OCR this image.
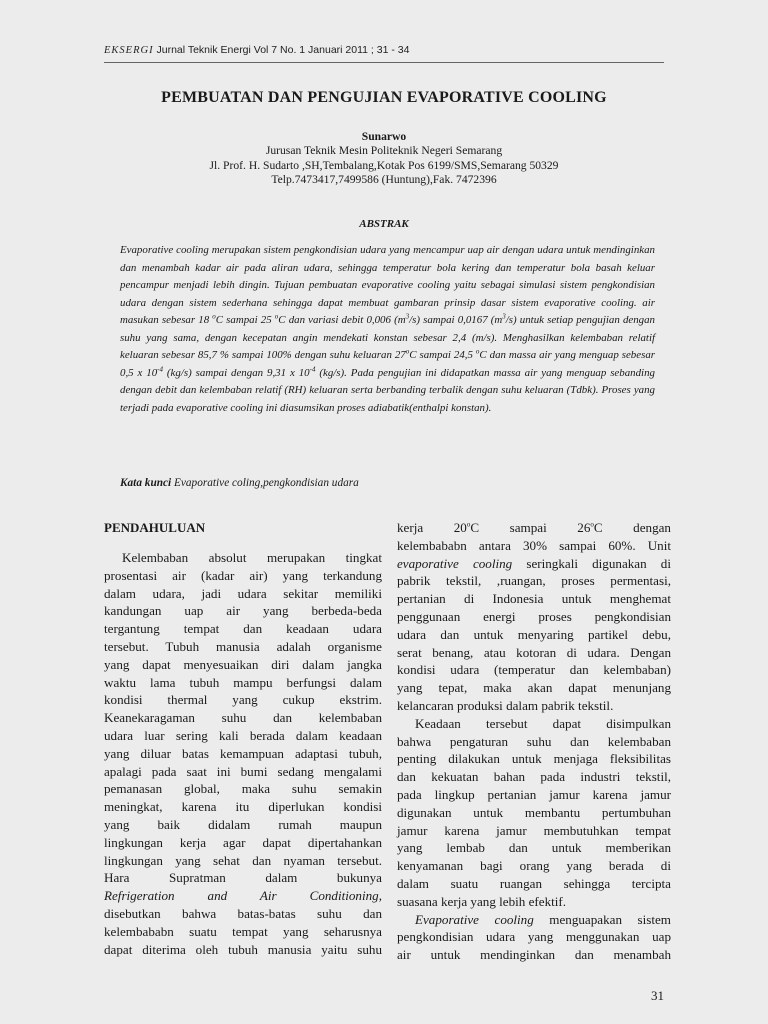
EKSERGI Jurnal Teknik Energi Vol 7 No. 1 Januari 2011 ; 31 - 34
PEMBUATAN DAN PENGUJIAN EVAPORATIVE COOLING
Sunarwo
Jurusan Teknik Mesin Politeknik Negeri Semarang
Jl. Prof. H. Sudarto ,SH,Tembalang,Kotak Pos 6199/SMS,Semarang 50329
Telp.7473417,7499586 (Huntung),Fak. 7472396
ABSTRAK

Evaporative cooling merupakan sistem pengkondisian udara yang mencampur uap air dengan udara untuk mendinginkan dan menambah kadar air pada aliran udara, sehingga temperatur bola kering dan temperatur bola basah keluar pencampur menjadi lebih dingin. Tujuan pembuatan evaporative cooling yaitu sebagai simulasi sistem pengkondisian udara dengan sistem sederhana sehingga dapat membuat gambaran prinsip dasar sistem evaporative cooling. air masukan sebesar 18 $^o$C sampai 25 $^o$C dan variasi debit 0,006 $(m^3/s)$ sampai 0,0167 $(m^3/s)$ untuk setiap pengujian dengan suhu yang sama, dengan kecepatan angin mendekati konstan sebesar 2,4 (m/s). Menghasilkan kelembaban relatif keluaran sebesar 85,7 % sampai 100% dengan suhu keluaran 27$^o$C sampai 24,5 $^o$C dan massa air yang menguap sebesar 0,5 x $10^{-4}$ (kg/s) sampai dengan 9,31 x $10^{-4}$ (kg/s). Pada pengujian ini didapatkan massa air yang menguap sebanding dengan debit dan kelembaban relatif (RH) keluaran serta berbanding terbalik dengan suhu keluaran (Tdbk). Proses yang terjadi pada evaporative cooling ini diasumsikan proses adiabatik(enthalpi konstan).

Kata kunci Evaporative coling,pengkondisian udara
PENDAHULUAN

Kelembaban absolut merupakan tingkat
prosentasi air (kadar air) yang terkandung
dalam udara, jadi udara sekitar memiliki
kandungan uap air yang berbeda-beda
tergantung tempat dan keadaan udara
tersebut. Tubuh manusia adalah organisme
yang dapat menyesuaikan diri dalam jangka
waktu lama tubuh mampu berfungsi dalam
kondisi thermal yang cukup ekstrim.
Keanekaragaman suhu dan kelembaban
udara luar sering kali berada dalam keadaan
yang diluar batas kemampuan adaptasi tubuh,
apalagi pada saat ini bumi sedang mengalami
pemanasan global, maka suhu semakin
meningkat, karena itu diperlukan kondisi
yang baik didalam rumah maupun
lingkungan kerja agar dapat dipertahankan
lingkungan yang sehat dan nyaman tersebut.
Hara Supratman dalam bukunya
Refrigeration and Air Conditioning,
disebutkan bahwa batas-batas suhu dan
kelembababn suatu tempat yang seharusnya
dapat diterima oleh tubuh manusia yaitu suhu

kerja 20$^o$C sampai 26$^o$C dengan
kelembababn antara 30% sampai 60%. Unit
evaporative cooling seringkali digunakan di
pabrik tekstil, ,ruangan, proses permentasi,
pertanian di Indonesia untuk menghemat
penggunaan energi proses pengkondisian
udara dan untuk menyaring partikel debu,
serat benang, atau kotoran di udara. Dengan
kondisi udara (temperatur dan kelembaban)
yang tepat, maka akan dapat menunjang
kelancaran produksi dalam pabrik tekstil.

Keadaan tersebut dapat disimpulkan
bahwa pengaturan suhu dan kelembaban
penting dilakukan untuk menjaga fleksibilitas
dan kekuatan bahan pada industri tekstil,
pada lingkup pertanian jamur karena jamur
digunakan untuk membantu pertumbuhan
jamur karena jamur membutuhkan tempat
yang lembab dan untuk memberikan
kenyamanan bagi orang yang berada di
dalam suatu ruangan sehingga tercipta
suasana kerja yang lebih efektif.

Evaporative cooling menguapakan sistem
pengkondisian udara yang menggunakan uap
air untuk mendinginkan dan menambah

31
